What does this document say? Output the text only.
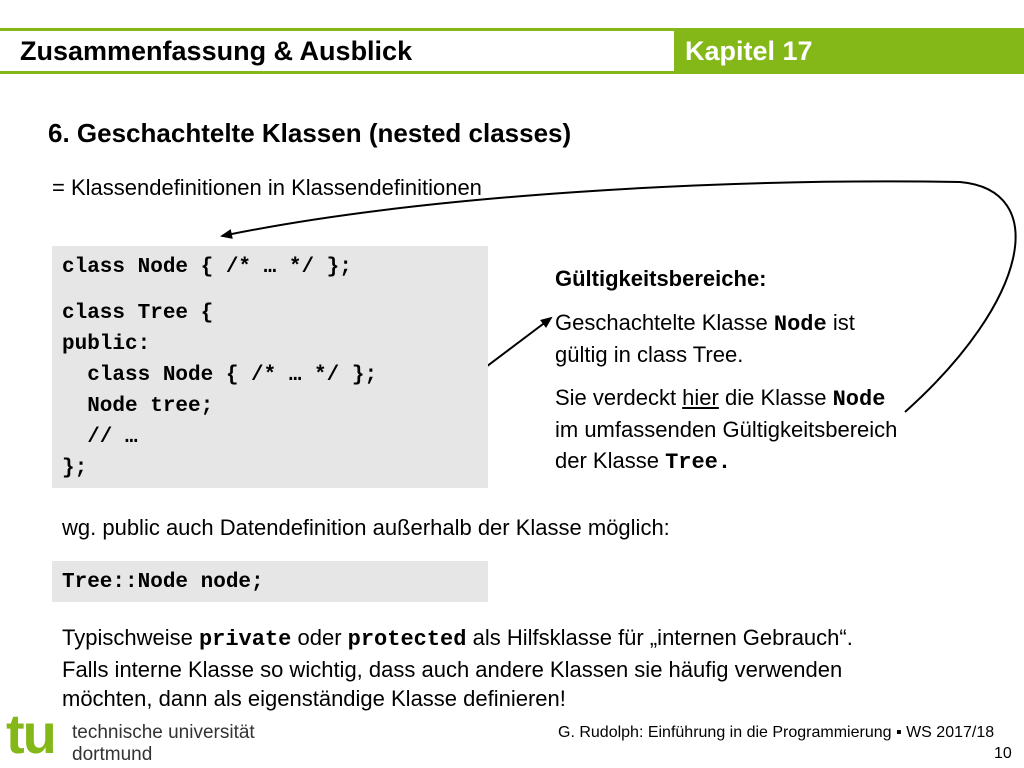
Zusammenfassung & Ausblick	Kapitel 17
6. Geschachtelte Klassen (nested classes)
= Klassendefinitionen in Klassendefinitionen
class Node { /* … */ };
class Tree {
public:
class Node { /* … */ };
Node tree;
// …
};
Gültigkeitsbereiche:
Geschachtelte Klasse Node ist
gültig in class Tree.
Sie verdeckt hier die Klasse Node
im umfassenden Gültigkeitsbereich
der Klasse Tree.
wg. public auch Datendefinition außerhalb der Klasse möglich:
Tree::Node node;
Typischweise private oder protected als Hilfsklasse für „internen Gebrauch“.
Falls interne Klasse so wichtig, dass auch andere Klassen sie häufig verwenden
möchten, dann als eigenständige Klasse definieren!
tu technische universität
dortmund
G. Rudolph: Einführung in die Programmierung ▪ WS 2017/18
10
